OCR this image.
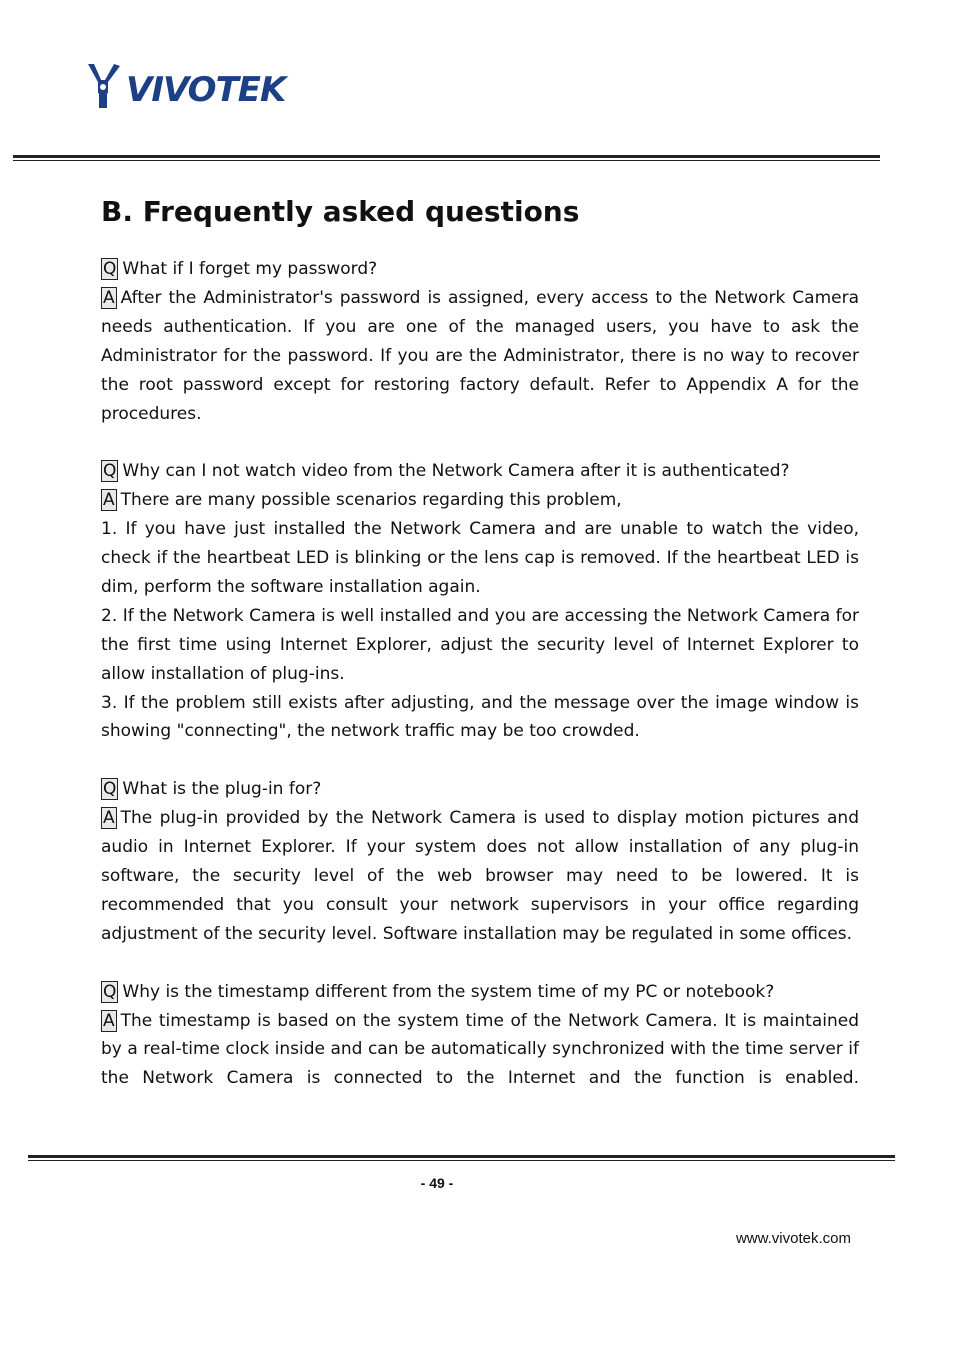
VIVOTEK
B. Frequently asked questions

Q What if I forget my password?

A After the Administrator's password is assigned, every access to the Network Camera needs authentication. If you are one of the managed users, you have to ask the Administrator for the password. If you are the Administrator, there is no way to recover the root password except for restoring factory default. Refer to Appendix A for the procedures.

Q Why can I not watch video from the Network Camera after it is authenticated?

A There are many possible scenarios regarding this problem,

1. If you have just installed the Network Camera and are unable to watch the video, check if the heartbeat LED is blinking or the lens cap is removed. If the heartbeat LED is dim, perform the software installation again.

2. If the Network Camera is well installed and you are accessing the Network Camera for the first time using Internet Explorer, adjust the security level of Internet Explorer to allow installation of plug-ins.

3. If the problem still exists after adjusting, and the message over the image window is showing "connecting", the network traffic may be too crowded.

Q What is the plug-in for?

A The plug-in provided by the Network Camera is used to display motion pictures and audio in Internet Explorer. If your system does not allow installation of any plug-in software, the security level of the web browser may need to be lowered. It is recommended that you consult your network supervisors in your office regarding adjustment of the security level. Software installation may be regulated in some offices.

Q Why is the timestamp different from the system time of my PC or notebook?

A The timestamp is based on the system time of the Network Camera. It is maintained by a real-time clock inside and can be automatically synchronized with the time server if the Network Camera is connected to the Internet and the function is enabled.

- 49 -
www.vivotek.com
